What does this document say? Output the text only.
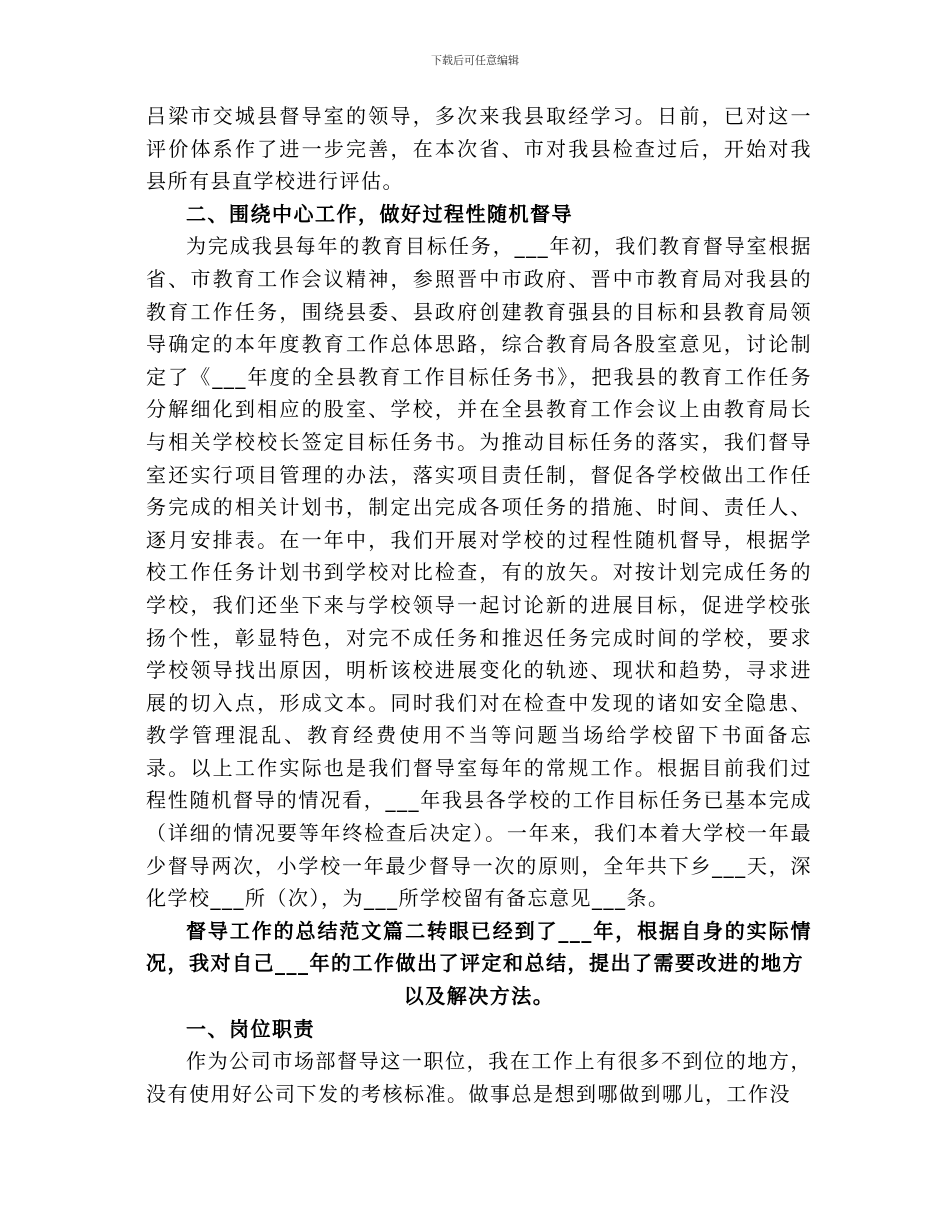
下载后可任意编辑

吕梁市交城县督导室的领导，多次来我县取经学习。日前，已对这一评价体系作了进一步完善，在本次省、市对我县检查过后，开始对我县所有县直学校进行评估。

二、围绕中心工作，做好过程性随机督导

为完成我县每年的教育目标任务，___年初，我们教育督导室根据省、市教育工作会议精神，参照晋中市政府、晋中市教育局对我县的教育工作任务，围绕县委、县政府创建教育强县的目标和县教育局领导确定的本年度教育工作总体思路，综合教育局各股室意见，讨论制定了《___年度的全县教育工作目标任务书》，把我县的教育工作任务分解细化到相应的股室、学校，并在全县教育工作会议上由教育局长与相关学校校长签定目标任务书。为推动目标任务的落实，我们督导室还实行项目管理的办法，落实项目责任制，督促各学校做出工作任务完成的相关计划书，制定出完成各项任务的措施、时间、责任人、逐月安排表。在一年中，我们开展对学校的过程性随机督导，根据学校工作任务计划书到学校对比检查，有的放矢。对按计划完成任务的学校，我们还坐下来与学校领导一起讨论新的进展目标，促进学校张扬个性，彰显特色，对完不成任务和推迟任务完成时间的学校，要求学校领导找出原因，明析该校进展变化的轨迹、现状和趋势，寻求进展的切入点，形成文本。同时我们对在检查中发现的诸如安全隐患、教学管理混乱、教育经费使用不当等问题当场给学校留下书面备忘录。以上工作实际也是我们督导室每年的常规工作。根据目前我们过程性随机督导的情况看，___年我县各学校的工作目标任务已基本完成（详细的情况要等年终检查后决定）。一年来，我们本着大学校一年最少督导两次，小学校一年最少督导一次的原则，全年共下乡___天，深化学校___所（次），为___所学校留有备忘意见___条。

督导工作的总结范文篇二转眼已经到了___年，根据自身的实际情况，我对自己___年的工作做出了评定和总结，提出了需要改进的地方

以及解决方法。

一、岗位职责

作为公司市场部督导这一职位，我在工作上有很多不到位的地方，没有使用好公司下发的考核标准。做事总是想到哪做到哪儿，工作没
